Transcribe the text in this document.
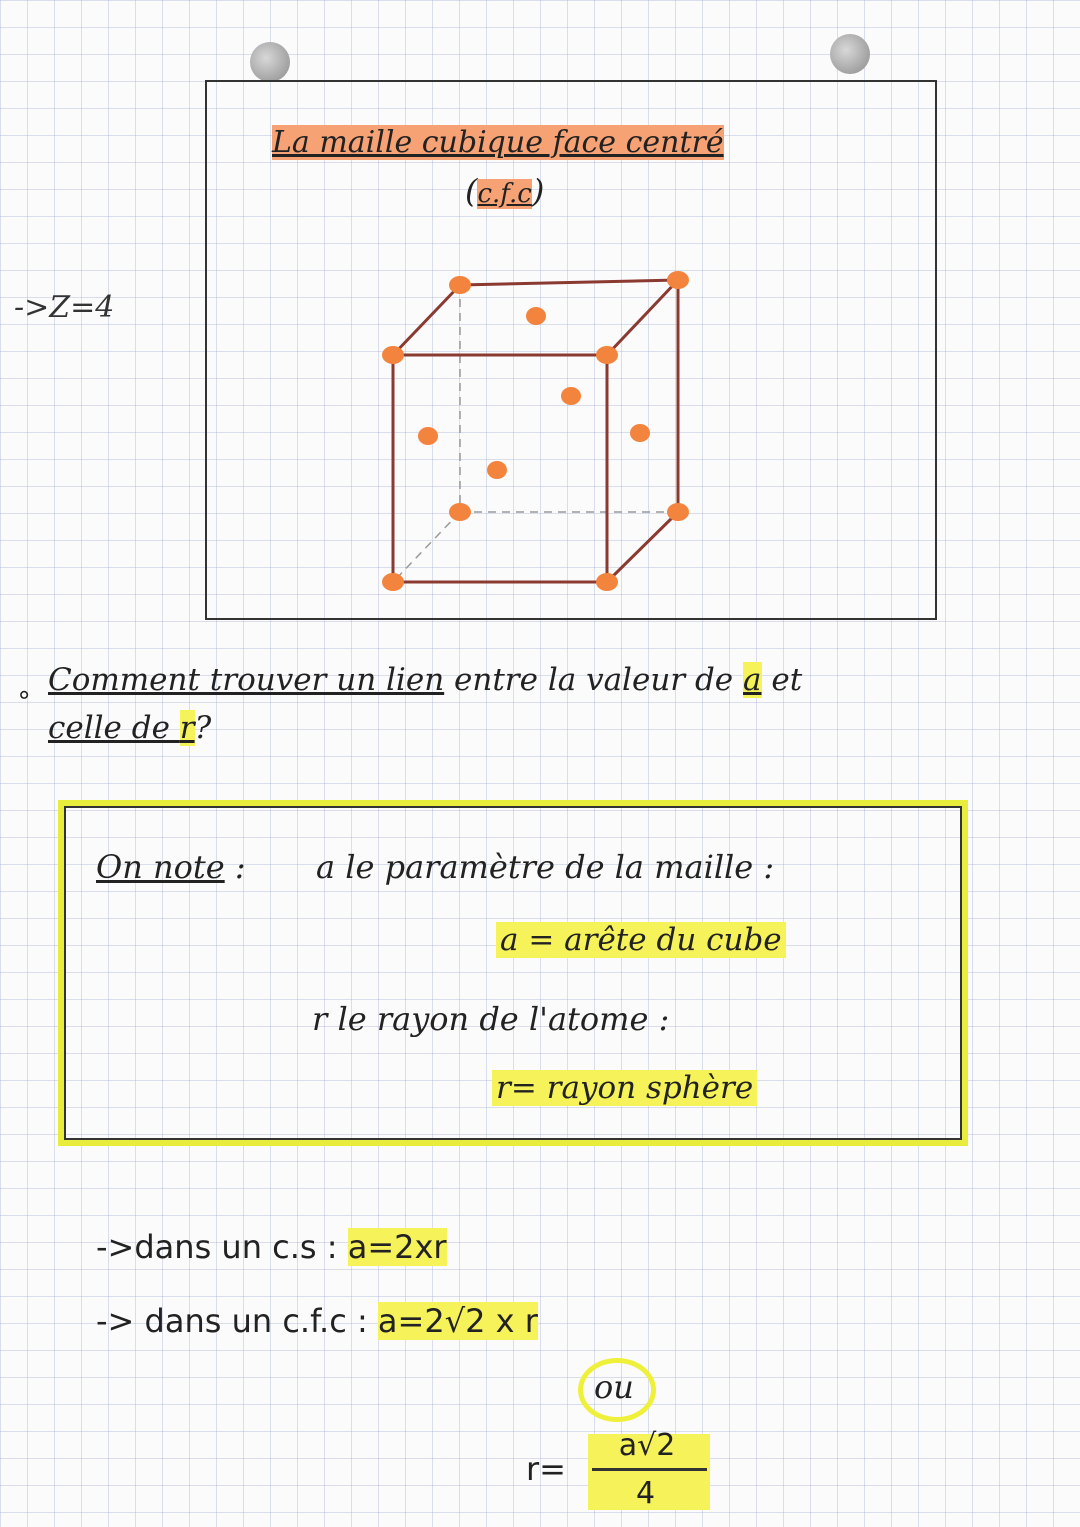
->Z=4
La maille cubique face centré
(c.f.c)
∘ Comment trouver un lien entre la valeur de a et
celle de r?
On note : a le paramètre de la maille :
a = arête du cube
r le rayon de l'atome :
r= rayon sphère
->dans un c.s : a=2xr
-> dans un c.f.c : a=2√2 x r
ou
r=
a√2
4
